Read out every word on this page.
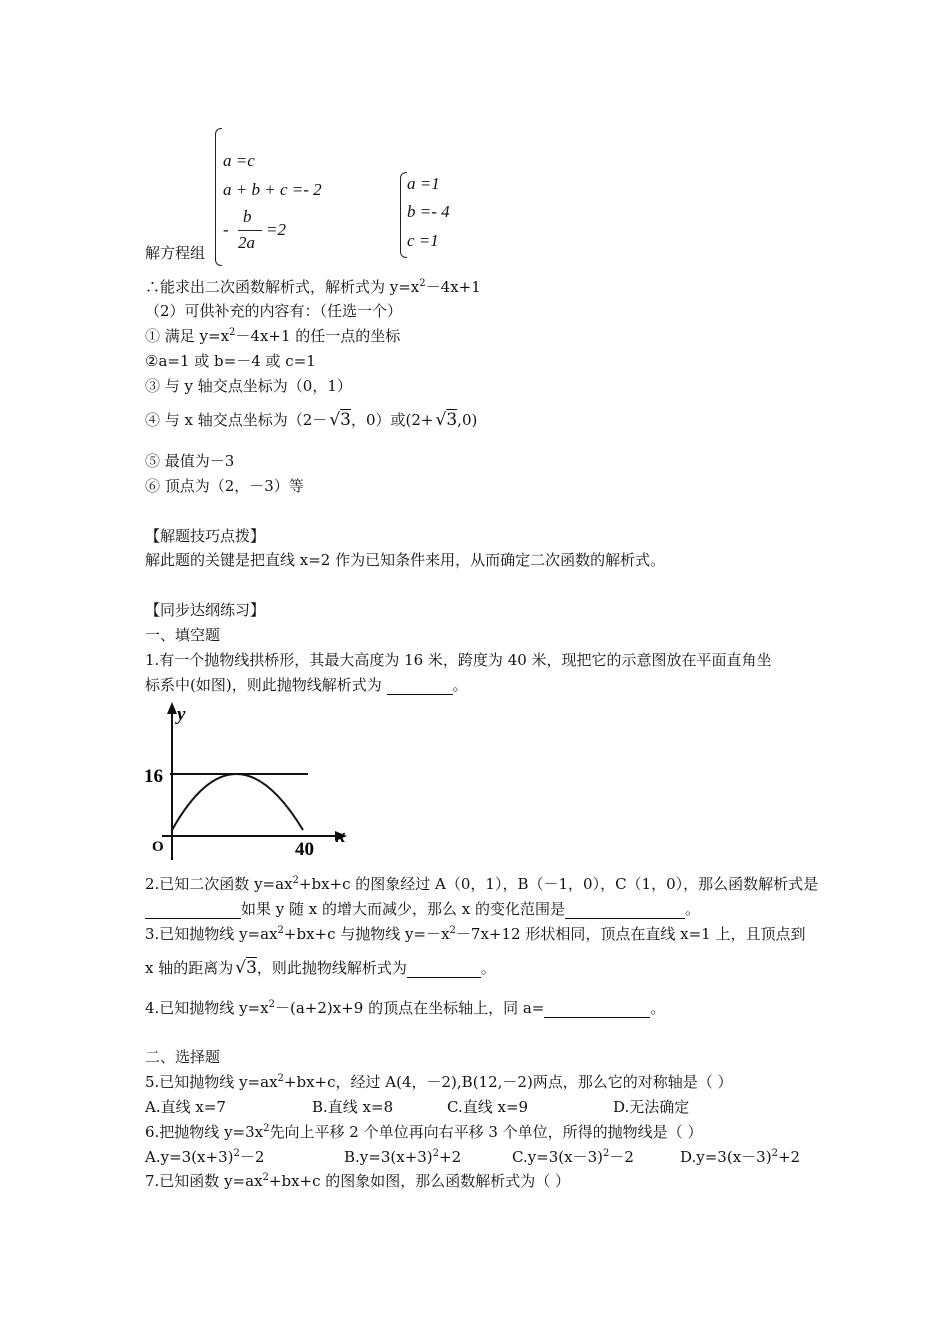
a =c
a + b + c =- 2
-
b
2a
=2
解方程组
a =1
b =- 4
c =1
∴能求出二次函数解析式，解析式为 $y=x^2-4x+1$
（2）可供补充的内容有：（任选一个）
① 满足 $y=x^2-4x+1$ 的任一点的坐标
②a=1 或 b=－4 或 c=1
③ 与 y 轴交点坐标为（0，1）
④ 与 x 轴交点坐标为（2－ √3，0）或(2+ √3,0)
⑤ 最值为－3
⑥ 顶点为（2，－3）等
【解题技巧点拨】
解此题的关键是把直线 x=2 作为已知条件来用，从而确定二次函数的解析式。
【同步达纲练习】
一、填空题
1.有一个抛物线拱桥形，其最大高度为 16 米，跨度为 40 米，现把它的示意图放在平面直角坐
标系中(如图)，则此抛物线解析式为	。
y
x
O
16
40
2.已知二次函数 $y=ax^2+bx+c$ 的图象经过 A（0，1），B（－1，0），C（1，0），那么函数解析式是
如果 y 随 x 的增大而减少，那么 x 的变化范围是	。
3.已知抛物线 $y=ax^2+bx+c$ 与抛物线 $y=-x^2-7x+12$ 形状相同，顶点在直线 x=1 上，且顶点到
x 轴的距离为 √3，则此抛物线解析式为	。
4.已知抛物线 $y=x^2-(a+2)x+9$ 的顶点在坐标轴上，同 a=	。
二、选择题
5.已知抛物线 $y=ax^2+bx+c$，经过 A(4，－2),B(12,－2)两点，那么它的对称轴是（ ）
A.直线 x=7	B.直线 x=8	C.直线 x=9	D.无法确定
6.把抛物线 $y=3x^2$先向上平移 2 个单位再向右平移 3 个单位，所得的抛物线是（ ）
$A.y=3(x+3)^2-2$	$B.y=3(x+3)^2+2$	$C.y=3(x-3)^2-2$	$D.y=3(x-3)^2+2$
7.已知函数 $y=ax^2+bx+c$ 的图象如图，那么函数解析式为（ ）
